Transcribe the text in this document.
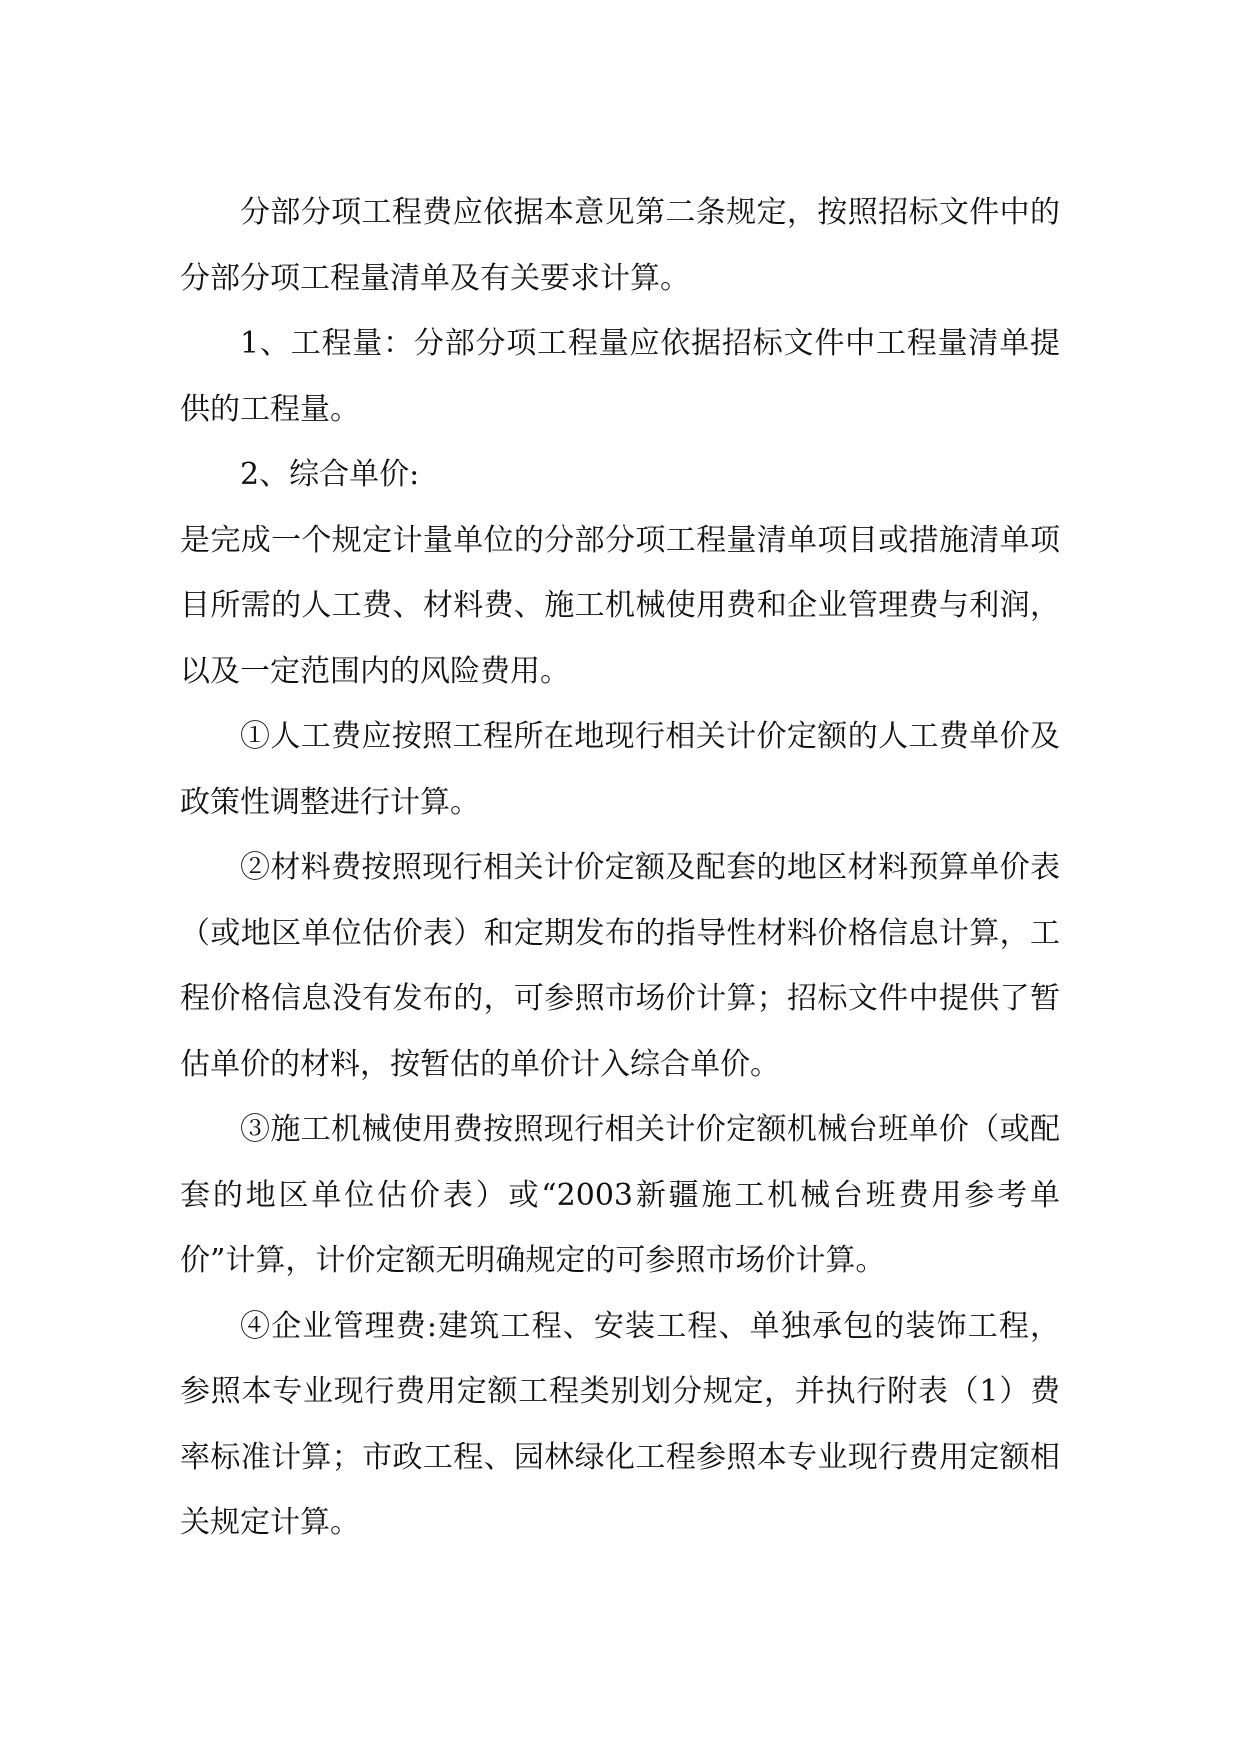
分部分项工程费应依据本意见第二条规定，按照招标文件中的分部分项工程量清单及有关要求计算。

1、工程量：分部分项工程量应依据招标文件中工程量清单提供的工程量。

2、综合单价:

是完成一个规定计量单位的分部分项工程量清单项目或措施清单项目所需的人工费、材料费、施工机械使用费和企业管理费与利润，以及一定范围内的风险费用。

①人工费应按照工程所在地现行相关计价定额的人工费单价及政策性调整进行计算。

②材料费按照现行相关计价定额及配套的地区材料预算单价表（或地区单位估价表）和定期发布的指导性材料价格信息计算，工程价格信息没有发布的，可参照市场价计算；招标文件中提供了暂估单价的材料，按暂估的单价计入综合单价。

③施工机械使用费按照现行相关计价定额机械台班单价（或配套的地区单位估价表）或“2003新疆施工机械台班费用参考单价”计算，计价定额无明确规定的可参照市场价计算。

④企业管理费:建筑工程、安装工程、单独承包的装饰工程，参照本专业现行费用定额工程类别划分规定，并执行附表（1）费率标准计算；市政工程、园林绿化工程参照本专业现行费用定额相关规定计算。
